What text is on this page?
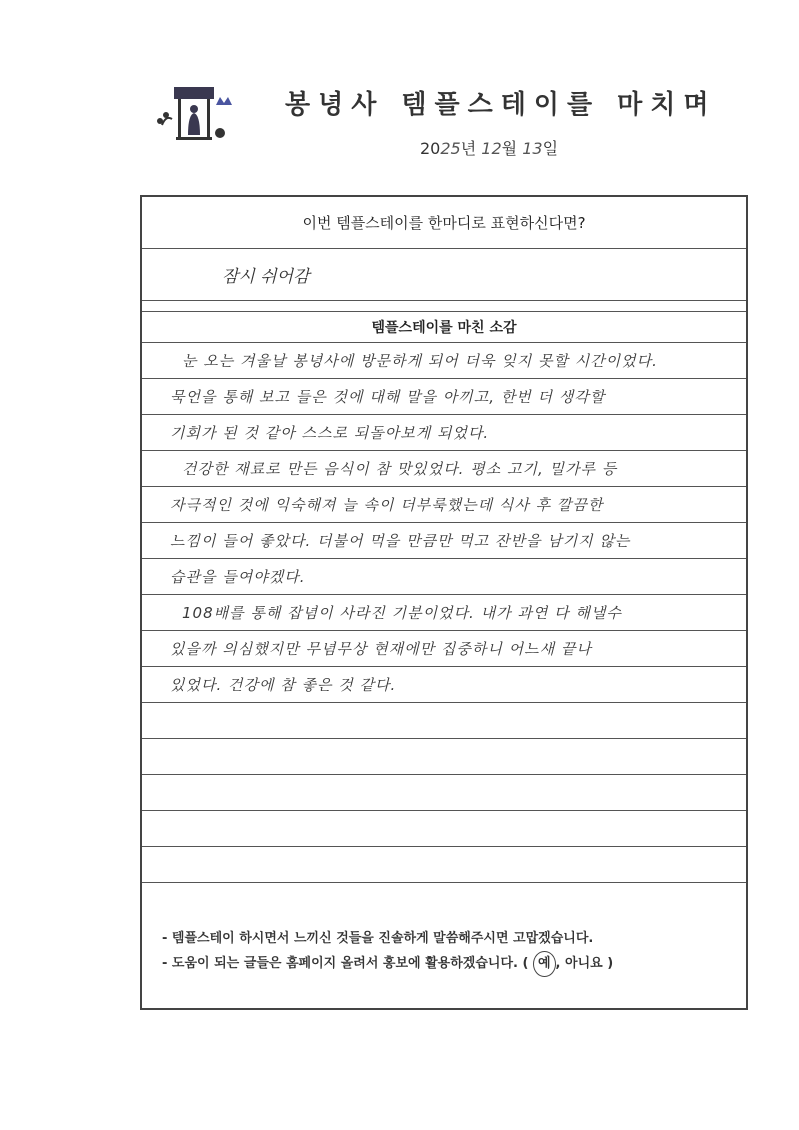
봉녕사 템플스테이를 마치며
2025년 12월 13일
이번 템플스테이를 한마디로 표현하신다면?
잠시 쉬어감
템플스테이를 마친 소감
눈 오는 겨울날 봉녕사에 방문하게 되어 더욱 잊지 못할 시간이었다.
묵언을 통해 보고 들은 것에 대해 말을 아끼고, 한번 더 생각할
기회가 된 것 같아 스스로 되돌아보게 되었다.
건강한 재료로 만든 음식이 참 맛있었다. 평소 고기, 밀가루 등
자극적인 것에 익숙해져 늘 속이 더부룩했는데 식사 후 깔끔한
느낌이 들어 좋았다. 더불어 먹을 만큼만 먹고 잔반을 남기지 않는
습관을 들여야겠다.
108배를 통해 잡념이 사라진 기분이었다. 내가 과연 다 해낼수
있을까 의심했지만 무념무상 현재에만 집중하니 어느새 끝나
있었다. 건강에 참 좋은 것 같다.
- 템플스테이 하시면서 느끼신 것들을 진솔하게 말씀해주시면 고맙겠습니다.
- 도움이 되는 글들은 홈페이지 올려서 홍보에 활용하겠습니다. ( 예 , 아니요 )
